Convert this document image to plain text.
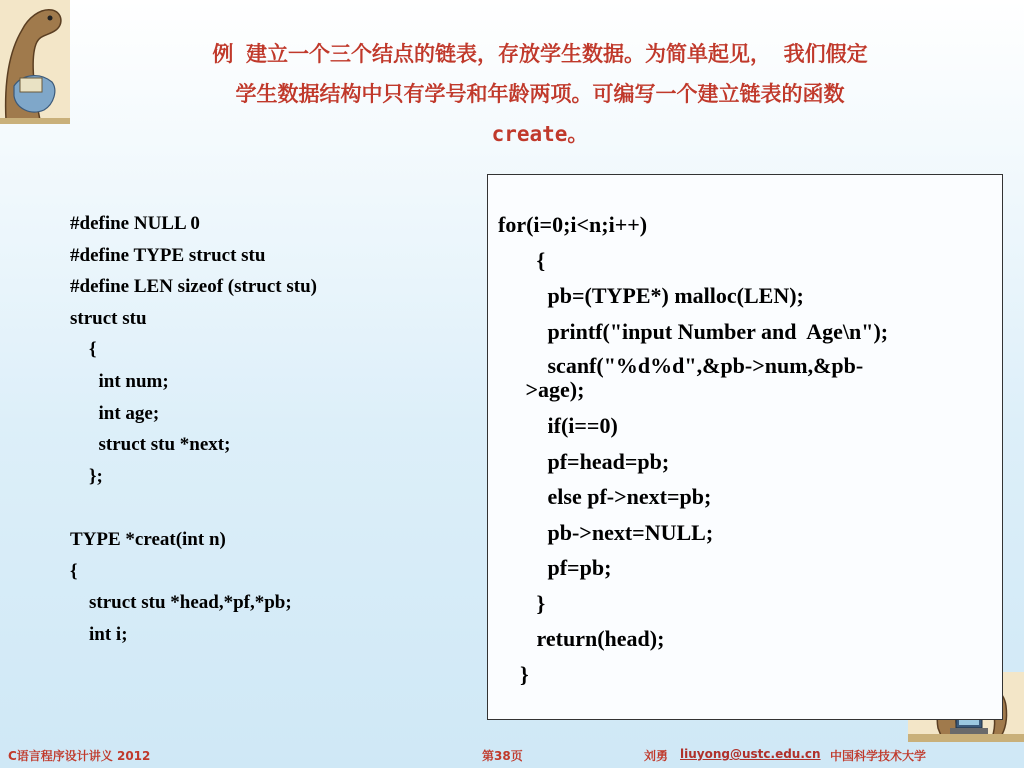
例 建立一个三个结点的链表，存放学生数据。为简单起见， 我们假定
学生数据结构中只有学号和年龄两项。可编写一个建立链表的函数
create。
#define NULL 0
#define TYPE struct stu
#define LEN sizeof (struct stu)
struct stu
{
int num;
int age;
struct stu *next;
};
TYPE *creat(int n)
{
struct stu *head,*pf,*pb;
int i;
for(i=0;i<n;i++)
{
pb=(TYPE*) malloc(LEN);
printf("input Number and  Age\n");
scanf("%d%d",&pb->num,&pb-
>age);
if(i==0)
pf=head=pb;
else pf->next=pb;
pb->next=NULL;
pf=pb;
}
return(head);
}
C语言程序设计讲义 2012	第38页	刘勇 liuyong@ustc.edu.cn 中国科学技术大学
